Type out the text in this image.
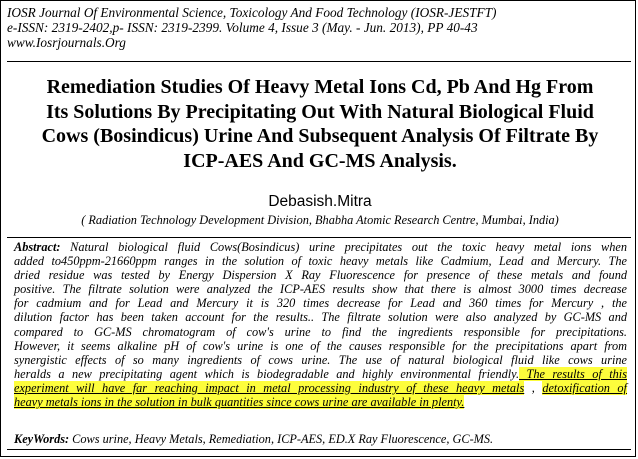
IOSR Journal Of Environmental Science, Toxicology And Food Technology (IOSR-JESTFT)
e-ISSN: 2319-2402,p- ISSN: 2319-2399. Volume 4, Issue 3 (May. - Jun. 2013), PP 40-43
www.Iosrjournals.Org
Remediation Studies Of Heavy Metal Ions Cd, Pb And Hg From
Its Solutions By Precipitating Out With Natural Biological Fluid
Cows (Bosindicus) Urine And Subsequent Analysis Of Filtrate By
ICP-AES And GC-MS Analysis.
Debasish.Mitra
( Radiation Technology Development Division, Bhabha Atomic Research Centre, Mumbai, India)
Abstract: Natural biological fluid Cows(Bosindicus) urine precipitates out the toxic heavy metal ions when
added to450ppm-21660ppm ranges in the solution of toxic heavy metals like Cadmium, Lead and Mercury. The
dried residue was tested by Energy Dispersion X Ray Fluorescence for presence of these metals and found
positive. The filtrate solution were analyzed the ICP-AES results show that there is almost 3000 times decrease
for cadmium and for Lead and Mercury it is 320 times decrease for Lead and 360 times for Mercury , the
dilution factor has been taken account for the results.. The filtrate solution were also analyzed by GC-MS and
compared to GC-MS chromatogram of cow's urine to find the ingredients responsible for precipitations.
However, it seems alkaline pH of cow's urine is one of the causes responsible for the precipitations apart from
synergistic effects of so many ingredients of cows urine. The use of natural biological fluid like cows urine
heralds a new precipitating agent which is biodegradable and highly environmental friendly. The results of this
experiment will have far reaching impact in metal processing industry of these heavy metals , detoxification of
heavy metals ions in the solution in bulk quantities since cows urine are available in plenty.
KeyWords: Cows urine, Heavy Metals, Remediation, ICP-AES, ED.X Ray Fluorescence, GC-MS.
